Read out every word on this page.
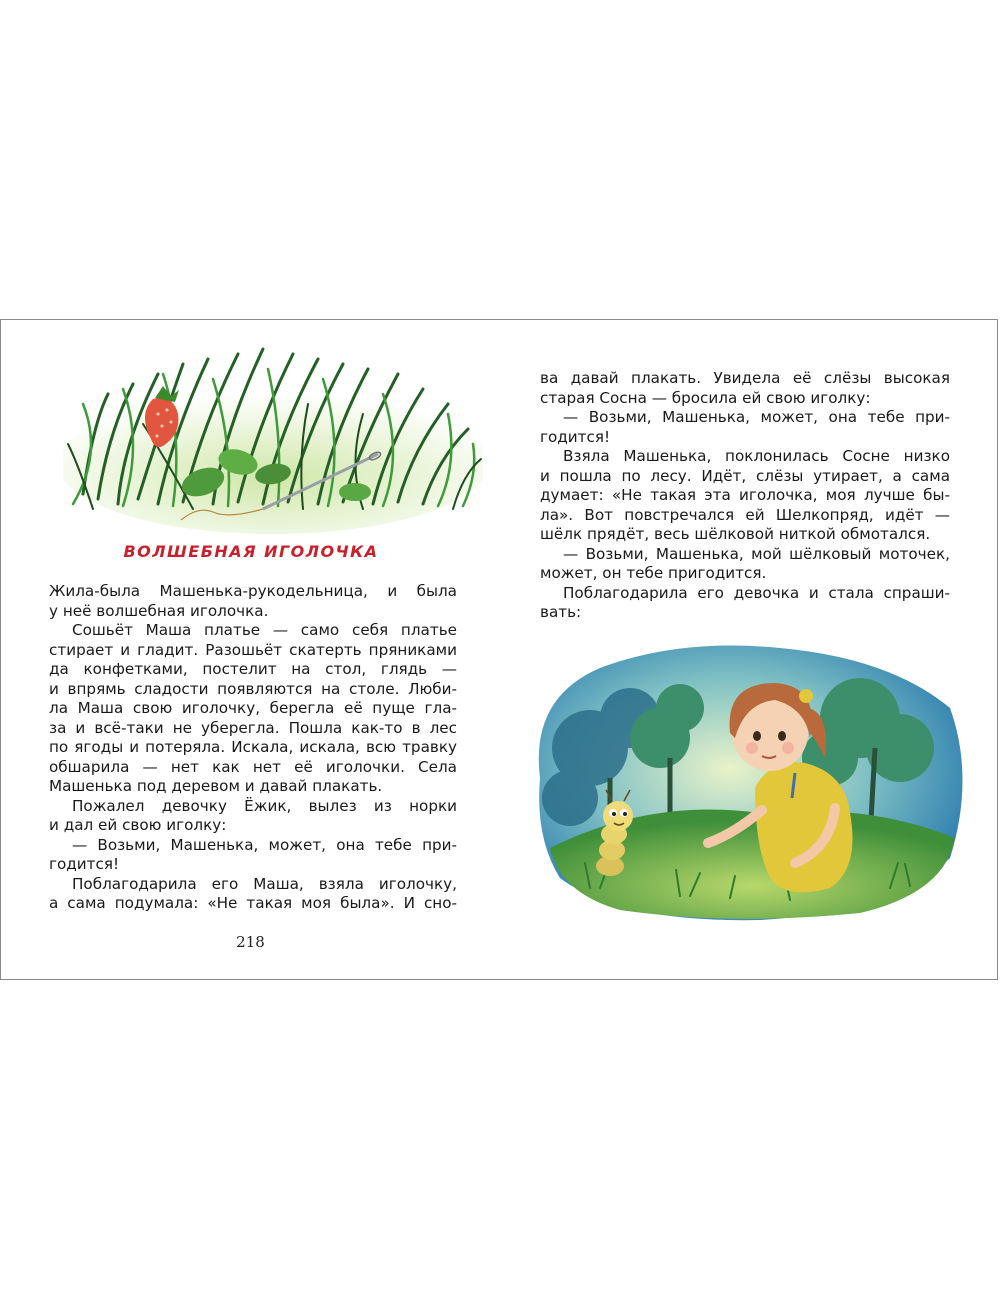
ВОЛШЕБНАЯ ИГОЛОЧКА
Жила-была Машенька-рукодельница, и была
у неё волшебная иголочка.
Сошьёт Маша платье — само себя платье
стирает и гладит. Разошьёт скатерть пряниками
да конфетками, постелит на стол, глядь —
и впрямь сладости появляются на столе. Люби-
ла Маша свою иголочку, берегла её пуще гла-
за и всё-таки не уберегла. Пошла как-то в лес
по ягоды и потеряла. Искала, искала, всю травку
обшарила — нет как нет её иголочки. Села
Машенька под деревом и давай плакать.
Пожалел девочку Ёжик, вылез из норки
и дал ей свою иголку:
— Возьми, Машенька, может, она тебе при-
годится!
Поблагодарила его Маша, взяла иголочку,
а сама подумала: «Не такая моя была». И сно-
218
ва давай плакать. Увидела её слёзы высокая
старая Сосна — бросила ей свою иголку:
— Возьми, Машенька, может, она тебе при-
годится!
Взяла Машенька, поклонилась Сосне низко
и пошла по лесу. Идёт, слёзы утирает, а сама
думает: «Не такая эта иголочка, моя лучше бы-
ла». Вот повстречался ей Шелкопряд, идёт —
шёлк прядёт, весь шёлковой ниткой обмотался.
— Возьми, Машенька, мой шёлковый моточек,
может, он тебе пригодится.
Поблагодарила его девочка и стала спраши-
вать:
